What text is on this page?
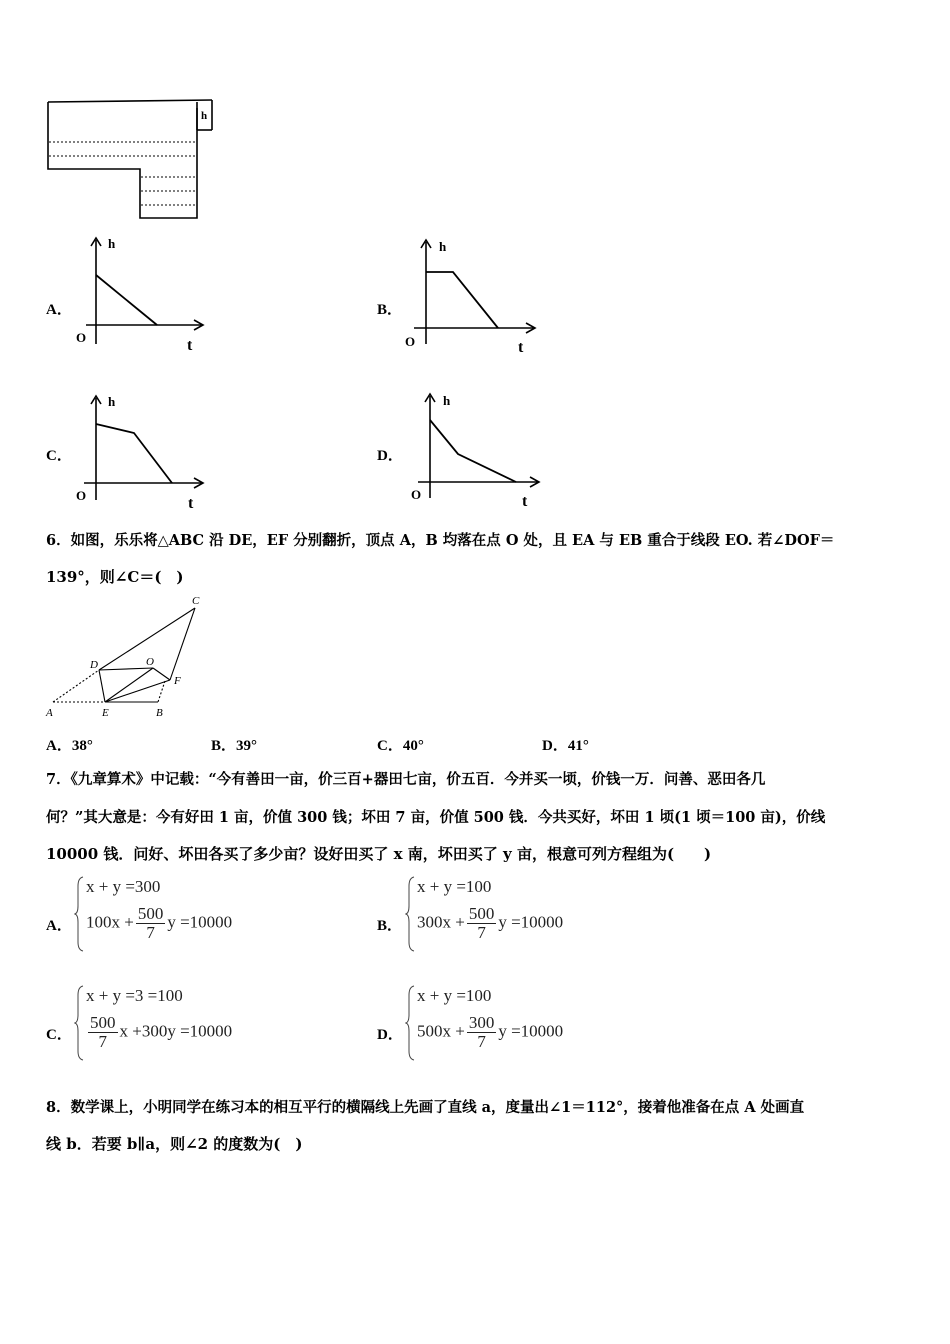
h
A．
h
O	t
B．
h
O	t
C．
h
O	t
D．
h
O	t
6．如图，乐乐将△ABC 沿 DE，EF 分别翻折，顶点 A，B 均落在点 O 处，且 EA 与 EB 重合于线段 EO. 若∠DOF＝
139°，则∠C＝(　)
C
D	O
F
A	E	B
A．38°	B．39°	C．40°	D．41°
7．《九章算术》中记载：“今有善田一亩，价三百+器田七亩，价五百．今并买一顷，价钱一万．问善、恶田各几
何？”其大意是：今有好田 1 亩，价值 300 钱；坏田 7 亩，价值 500 钱．今共买好，坏田 1 顷(1 顷＝100 亩)，价线
10000 钱．问好、坏田各买了多少亩？设好田买了 x 南，坏田买了 y 亩，根意可列方程组为(　　)
A．
x + y =300
$100x + \frac{500}{7}$ y =10000	B．
x + y =100
$300x + \frac{500}{7}$ y =10000
C．
x + y =3 =100
$\frac{500}{7}$ x +300y =10000	D．
x + y =100
$500x + \frac{300}{7}$ y =10000
8．数学课上，小明同学在练习本的相互平行的横隔线上先画了直线 a，度量出∠1＝112°，接着他准备在点 A 处画直
线 b．若要 b∥a，则∠2 的度数为(　)
